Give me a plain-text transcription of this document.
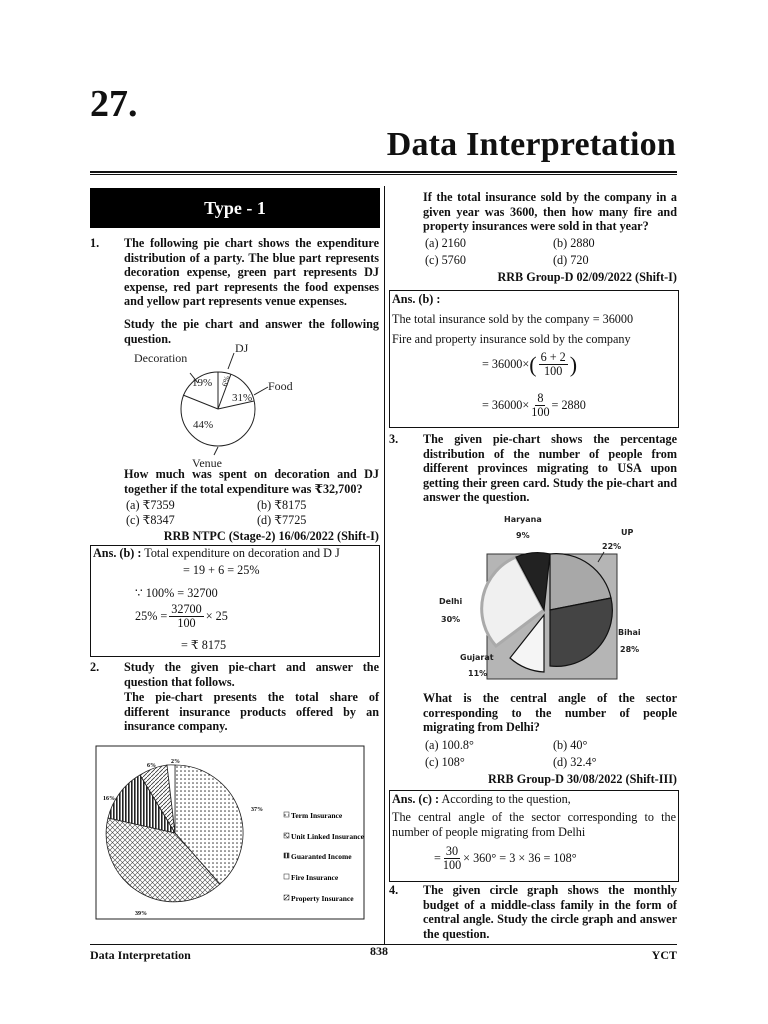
27.
Data Interpretation
Type - 1
1. The following pie chart shows the expenditure distribution of a party. The blue part represents decoration expense, green part represents DJ expense, red part represents the food expenses and yellow part represents venue expenses.
Study the pie chart and answer the following question.
Decoration
DJ
Food
Venue
19% 6%
31%
44%
How much was spent on decoration and DJ together if the total expenditure was ₹32,700?
(a) ₹7359	(b) ₹8175
(c) ₹8347	(d) ₹7725
RRB NTPC (Stage-2) 16/06/2022 (Shift-I)
Ans. (b) : Total expenditure on decoration and D J
= 19 + 6 = 25%
∵ 100% = 32700
$25\% = \frac{32700}{100} \times 25$
= ₹ 8175
2. Study the given pie-chart and answer the question that follows.
The pie-chart presents the total share of different insurance products offered by an insurance company.
2%
6%
16%
37%
39%
Term Insurance
Unit Linked Insurance
Guaranted Income
Fire Insurance
Property Insurance
If the total insurance sold by the company in a given year was 3600, then how many fire and property insurances were sold in that year?
(a) 2160	(b) 2880
(c) 5760	(d) 720
RRB Group-D 02/09/2022 (Shift-I)
Ans. (b) :
The total insurance sold by the company = 36000
Fire and property insurance sold by the company
= 36000× ( $\frac{6 + 2}{100}$ )
= $36000\times \frac{8}{100} = 2880$
3. The given pie-chart shows the percentage distribution of the number of people from different provinces migrating to USA upon getting their green card. Study the pie-chart and answer the question.
Haryana
9%	UP
22%
Delhi
30%
Bihai
28%
Gujarat
11%
What is the central angle of the sector corresponding to the number of people migrating from Delhi?
(a) 100.8°	(b) 40°
(c) 108°	(d) 32.4°
RRB Group-D 30/08/2022 (Shift-III)
Ans. (c) : According to the question,
The central angle of the sector corresponding to the number of people migrating from Delhi
= $\frac{30}{100} \times 360^\circ = 3 \times 36 = 108^\circ$
4. The given circle graph shows the monthly budget of a middle-class family in the form of central angle. Study the circle graph and answer the question.
Data Interpretation	838	YCT
